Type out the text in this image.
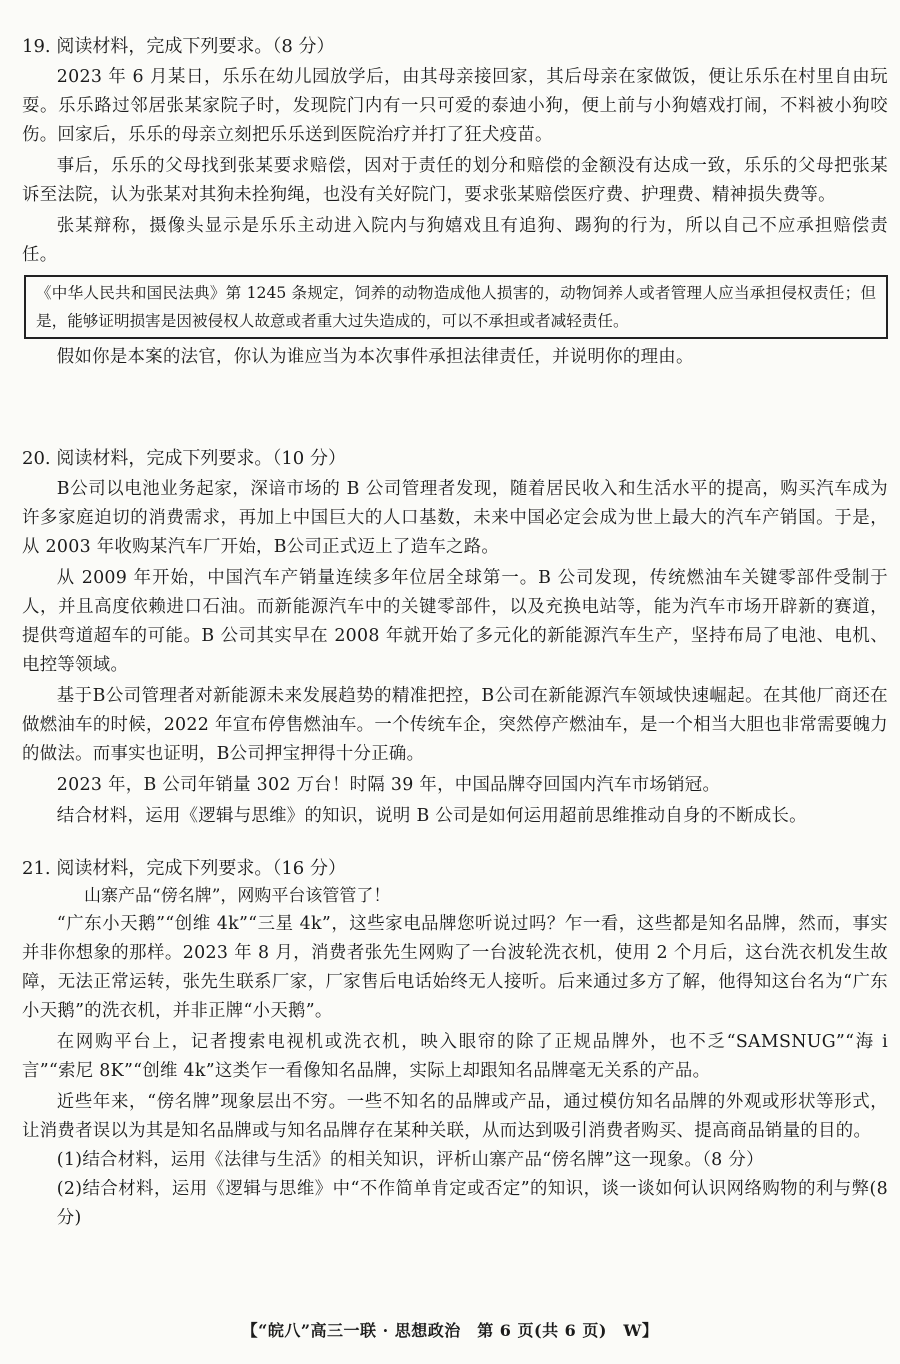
19. 阅读材料，完成下列要求。（8 分）

2023 年 6 月某日，乐乐在幼儿园放学后，由其母亲接回家，其后母亲在家做饭，便让乐乐在村里自由玩耍。乐乐路过邻居张某家院子时，发现院门内有一只可爱的泰迪小狗，便上前与小狗嬉戏打闹，不料被小狗咬伤。回家后，乐乐的母亲立刻把乐乐送到医院治疗并打了狂犬疫苗。

事后，乐乐的父母找到张某要求赔偿，因对于责任的划分和赔偿的金额没有达成一致，乐乐的父母把张某诉至法院，认为张某对其狗未拴狗绳，也没有关好院门，要求张某赔偿医疗费、护理费、精神损失费等。

张某辩称，摄像头显示是乐乐主动进入院内与狗嬉戏且有追狗、踢狗的行为，所以自己不应承担赔偿责任。

《中华人民共和国民法典》第 1245 条规定，饲养的动物造成他人损害的，动物饲养人或者管理人应当承担侵权责任；但是，能够证明损害是因被侵权人故意或者重大过失造成的，可以不承担或者减轻责任。

假如你是本案的法官，你认为谁应当为本次事件承担法律责任，并说明你的理由。

20. 阅读材料，完成下列要求。（10 分）

B公司以电池业务起家，深谙市场的 B 公司管理者发现，随着居民收入和生活水平的提高，购买汽车成为许多家庭迫切的消费需求，再加上中国巨大的人口基数，未来中国必定会成为世上最大的汽车产销国。于是，从 2003 年收购某汽车厂开始，B公司正式迈上了造车之路。

从 2009 年开始，中国汽车产销量连续多年位居全球第一。B 公司发现，传统燃油车关键零部件受制于人，并且高度依赖进口石油。而新能源汽车中的关键零部件，以及充换电站等，能为汽车市场开辟新的赛道，提供弯道超车的可能。B 公司其实早在 2008 年就开始了多元化的新能源汽车生产，坚持布局了电池、电机、电控等领域。

基于B公司管理者对新能源未来发展趋势的精准把控，B公司在新能源汽车领域快速崛起。在其他厂商还在做燃油车的时候，2022 年宣布停售燃油车。一个传统车企，突然停产燃油车，是一个相当大胆也非常需要魄力的做法。而事实也证明，B公司押宝押得十分正确。

2023 年，B 公司年销量 302 万台！时隔 39 年，中国品牌夺回国内汽车市场销冠。

结合材料，运用《逻辑与思维》的知识，说明 B 公司是如何运用超前思维推动自身的不断成长。

21. 阅读材料，完成下列要求。（16 分）

山寨产品“傍名牌”，网购平台该管管了！

“广东小天鹅”“创维 4k”“三星 4k”，这些家电品牌您听说过吗？乍一看，这些都是知名品牌，然而，事实并非你想象的那样。2023 年 8 月，消费者张先生网购了一台波轮洗衣机，使用 2 个月后，这台洗衣机发生故障，无法正常运转，张先生联系厂家，厂家售后电话始终无人接听。后来通过多方了解，他得知这台名为“广东小天鹅”的洗衣机，并非正牌“小天鹅”。

在网购平台上，记者搜索电视机或洗衣机，映入眼帘的除了正规品牌外，也不乏“SAMSNUG”“海 i 言”“索尼 8K”“创维 4k”这类乍一看像知名品牌，实际上却跟知名品牌毫无关系的产品。

近些年来，“傍名牌”现象层出不穷。一些不知名的品牌或产品，通过模仿知名品牌的外观或形状等形式，让消费者误以为其是知名品牌或与知名品牌存在某种关联，从而达到吸引消费者购买、提高商品销量的目的。

(1)结合材料，运用《法律与生活》的相关知识，评析山寨产品“傍名牌”这一现象。（8 分）

(2)结合材料，运用《逻辑与思维》中“不作简单肯定或否定”的知识，谈一谈如何认识网络购物的利与弊(8 分)

【“皖八”高三一联 · 思想政治　第 6 页(共 6 页)　W】
